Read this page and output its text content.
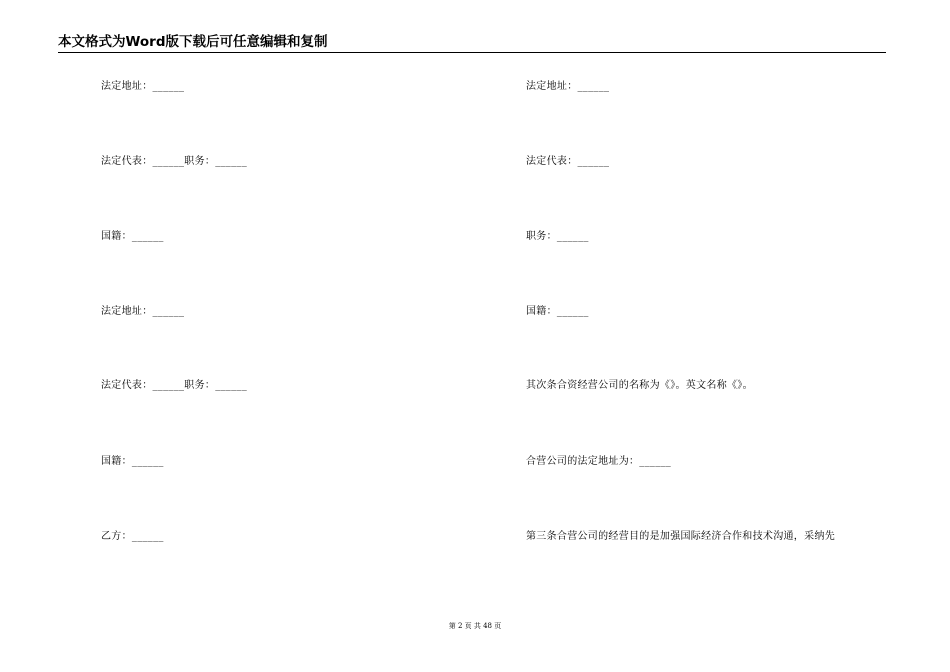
本文格式为Word版下载后可任意编辑和复制
法定地址：______
法定代表：______职务：______
国籍：______
法定地址：______
法定代表：______职务：______
国籍：______
乙方：______
法定地址：______
法定代表：______
职务：______
国籍：______
其次条合资经营公司的名称为《》。英文名称《》。
合营公司的法定地址为：______
第三条合营公司的经营目的是加强国际经济合作和技术沟通，采纳先
第 2 页 共 48 页
